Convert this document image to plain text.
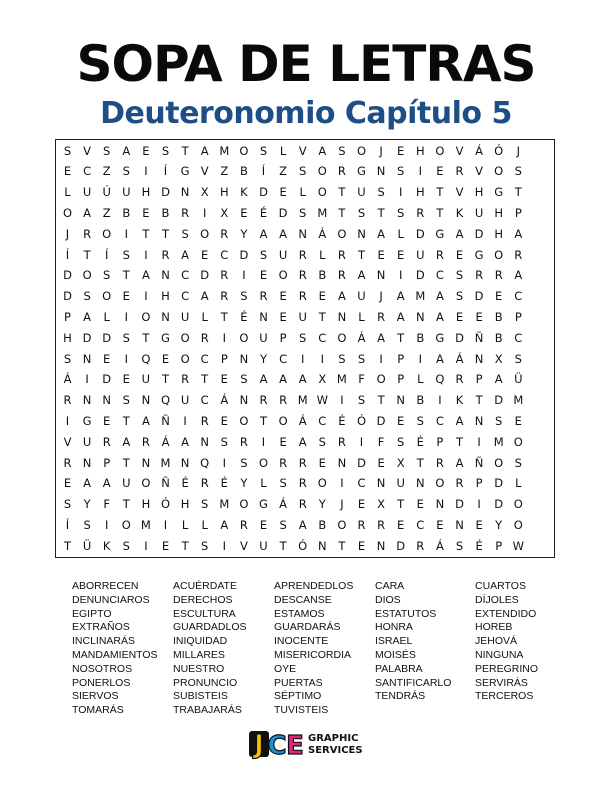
SOPA DE LETRAS
Deuteronomio Capítulo 5
S	V	S	A	E	S	T	A M O S	L	V	A	S O	J	E	H O V	Á Ó	J
E	C	Z	S	I	Í	G V	Z	B	Í	Z	S O R G N	S	I	E	R	V O S
L	U Ú U H D N X H K D	E	L	O	T	U	S	I	H	T	V H G	T
O A	Z	B	E	B	R	I	X	E	É	D	S M T	S	T	S	R	T	K	U H	P
J	R O	I	T	T	S O R	Y	A	A N Á O N A	L	D G A D H A
Í	T	Í	S	I	R	A	E	C D	S	U R	L	R	T	E	E	U R	E G O R
D O S	T	A N C D R	I	E O R	B	R	A N	I	D C	S	R	R	A
D	S O E	I	H C	A	R	S	R	E	R	E	A U	J	A M A	S	D	E	C
P	A	L	I	O N U	L	T	É	N	E	U	T	N	L	R	A N A	E	E	B	P
H D D	S	T	G O R	I	O U	P	S	C O Á	A	T	B G D Ñ B	C
S	N	E	I	Q E O C	P	N	Y	C	I	I	S	S	I	P	I	A	Á N X	S
Á	I	D	E	U	T	R	T	E	S	A	A	A	X M F	O	P	L	Q R	P	A Ü
R N N	S	N Q U C	Á N R	R M W	I	S	T	N B	I	K	T	D M
I	G	E	T	A Ñ	I	R	E O	T	O Á	C	É Ó D	E	S	C	A N	S	E
V U R	A	R	Á	A N	S	R	I	E	A	S	R	I	F	S	É	P	T	I	M O
R N	P	T	N M N Q	I	S O R	R	E	N D	E	X	T	R	A Ñ O S
E	A	A U O Ñ	É	R	É	Y	L	S	R O	I	C N U N O R	P	D	L
S	Y	F	T	H Ó H	S M O G Á	R	Y	J	E	X	T	E	N D	I	D O
Í	S	I	O M	I	L	L	A	R	E	S	A	B O R	R	E	C	E	N	E	Y	O
T	Ü	K	S	I	E	T	S	I	V U	T	Ó N	T	E	N D R	Á	S	É	P W
ABORRECEN
DENUNCIAROS
EGIPTO
EXTRAÑOS
INCLINARÁS
MANDAMIENTOS
NOSOTROS
PONERLOS
SIERVOS
TOMARÁS
ACUÉRDATE
DERECHOS
ESCULTURA
GUARDADLOS
INIQUIDAD
MILLARES
NUESTRO
PRONUNCIO
SUBISTEIS
TRABAJARÁS
APRENDEDLOS
DESCANSE
ESTAMOS
GUARDARÁS
INOCENTE
MISERICORDIA
OYE
PUERTAS
SÉPTIMO
TUVISTEIS
CARA
DIOS
ESTATUTOS
HONRA
ISRAEL
MOISÉS
PALABRA
SANTIFICARLO
TENDRÁS
CUARTOS
DÍJOLES
EXTENDIDO
HOREB
JEHOVÁ
NINGUNA
PEREGRINO
SERVIRÁS
TERCEROS
J C E GRAPHIC
SERVICES
